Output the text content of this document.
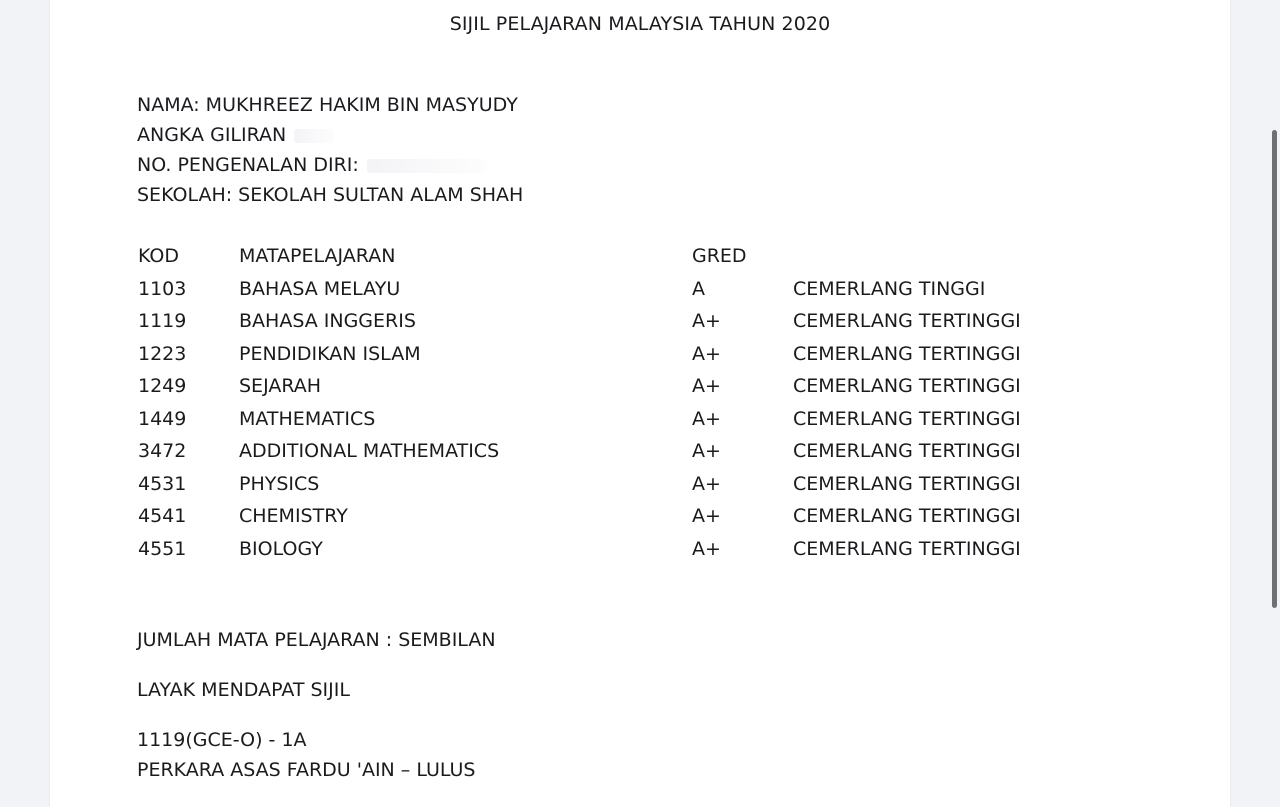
SIJIL PELAJARAN MALAYSIA TAHUN 2020
NAMA: MUKHREEZ HAKIM BIN MASYUDY
ANGKA GILIRAN
NO. PENGENALAN DIRI:
SEKOLAH: SEKOLAH SULTAN ALAM SHAH
KOD	MATAPELAJARAN	GRED	
1103	BAHASA MELAYU	A	CEMERLANG TINGGI
1119	BAHASA INGGERIS	A+	CEMERLANG TERTINGGI
1223	PENDIDIKAN ISLAM	A+	CEMERLANG TERTINGGI
1249	SEJARAH	A+	CEMERLANG TERTINGGI
1449	MATHEMATICS	A+	CEMERLANG TERTINGGI
3472	ADDITIONAL MATHEMATICS	A+	CEMERLANG TERTINGGI
4531	PHYSICS	A+	CEMERLANG TERTINGGI
4541	CHEMISTRY	A+	CEMERLANG TERTINGGI
4551	BIOLOGY	A+	CEMERLANG TERTINGGI
JUMLAH MATA PELAJARAN : SEMBILAN
LAYAK MENDAPAT SIJIL
1119(GCE-O) - 1A
PERKARA ASAS FARDU 'AIN – LULUS
